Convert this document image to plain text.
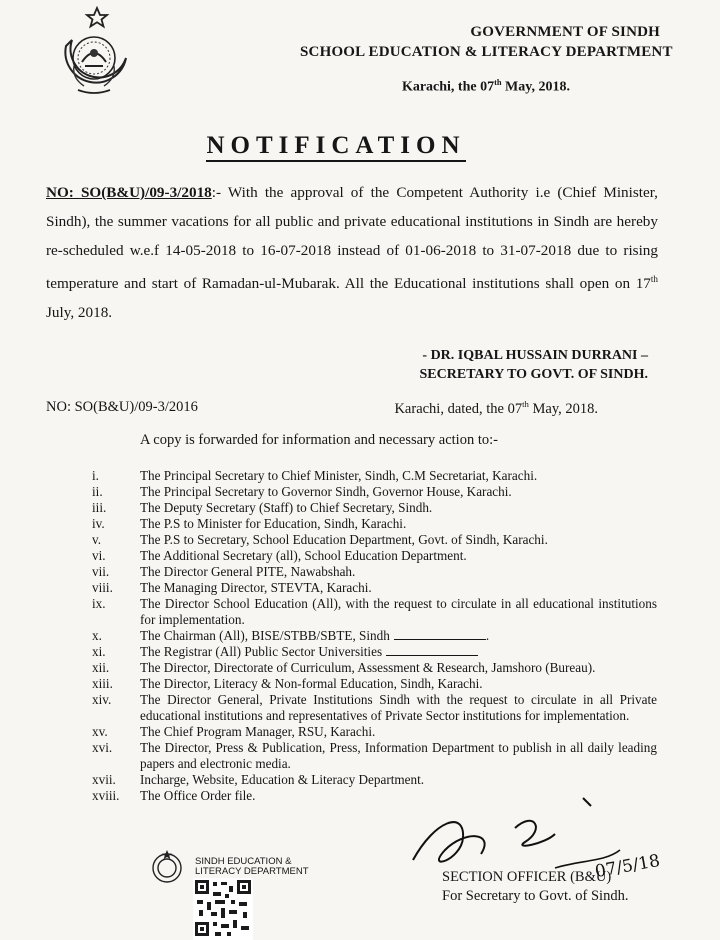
GOVERNMENT OF SINDH
SCHOOL EDUCATION & LITERACY DEPARTMENT
Karachi, the 07th May, 2018.
NOTIFICATION
NO: SO(B&U)/09-3/2018:- With the approval of the Competent Authority i.e (Chief Minister, Sindh), the summer vacations for all public and private educational institutions in Sindh are hereby re-scheduled w.e.f 14-05-2018 to 16-07-2018 instead of 01-06-2018 to 31-07-2018 due to rising temperature and start of Ramadan-ul-Mubarak. All the Educational institutions shall open on 17th July, 2018.
- DR. IQBAL HUSSAIN DURRANI –
SECRETARY TO GOVT. OF SINDH.
NO: SO(B&U)/09-3/2016	Karachi, dated, the 07th May, 2018.
A copy is forwarded for information and necessary action to:-
i.	The Principal Secretary to Chief Minister, Sindh, C.M Secretariat, Karachi.
ii.	The Principal Secretary to Governor Sindh, Governor House, Karachi.
iii.	The Deputy Secretary (Staff) to Chief Secretary, Sindh.
iv.	The P.S to Minister for Education, Sindh, Karachi.
v.	The P.S to Secretary, School Education Department, Govt. of Sindh, Karachi.
vi.	The Additional Secretary (all), School Education Department.
vii.	The Director General PITE, Nawabshah.
viii.	The Managing Director, STEVTA, Karachi.
ix.	The Director School Education (All), with the request to circulate in all educational institutions for implementation.
x.	The Chairman (All), BISE/STBB/SBTE, Sindh	.
xi.	The Registrar (All) Public Sector Universities
xii.	The Director, Directorate of Curriculum, Assessment & Research, Jamshoro (Bureau).
xiii.	The Director, Literacy & Non-formal Education, Sindh, Karachi.
xiv.	The Director General, Private Institutions Sindh with the request to circulate in all Private educational institutions and representatives of Private Sector institutions for implementation.
xv.	The Chief Program Manager, RSU, Karachi.
xvi.	The Director, Press & Publication, Press, Information Department to publish in all daily leading papers and electronic media.
xvii.	Incharge, Website, Education & Literacy Department.
xviii.	The Office Order file.
07/5/18
SINDH EDUCATION &
LITERACY DEPARTMENT	SECTION OFFICER (B&U)
For Secretary to Govt. of Sindh.
